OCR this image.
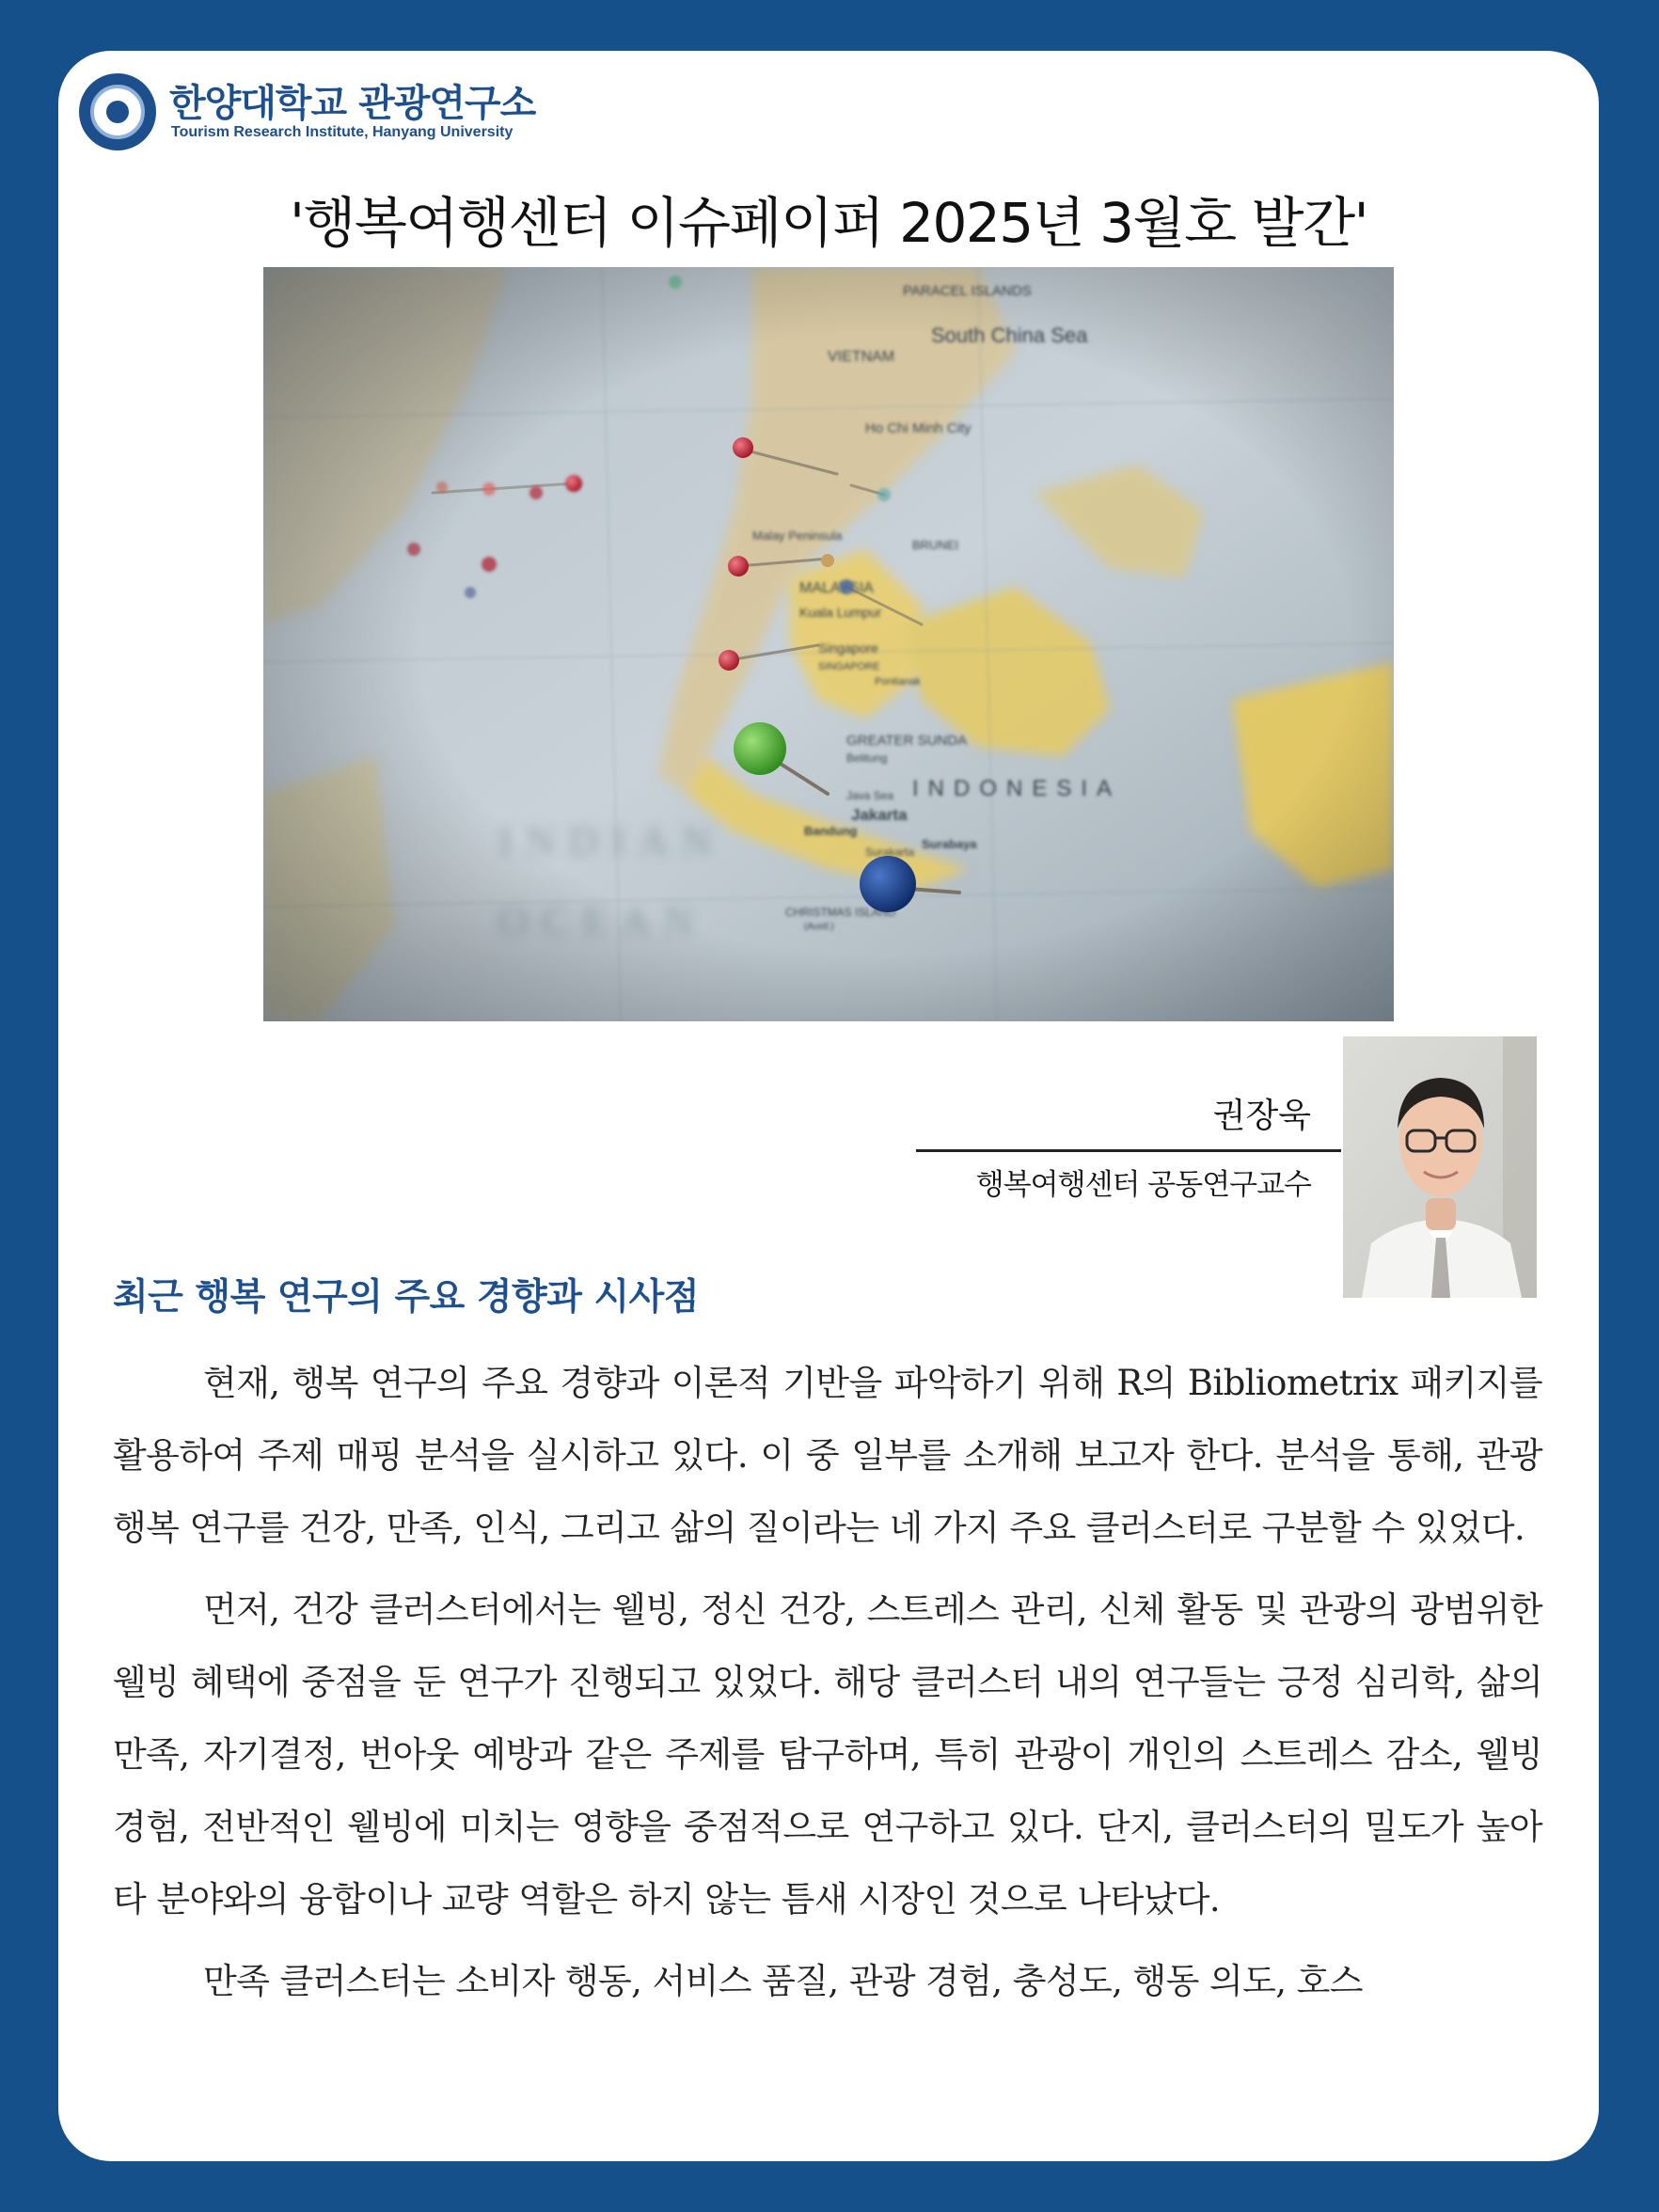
한양대학교 관광연구소
Tourism Research Institute, Hanyang University
'행복여행센터 이슈페이퍼 2025년 3월호 발간'
권장욱
행복여행센터 공동연구교수
최근 행복 연구의 주요 경향과 시사점

현재, 행복 연구의 주요 경향과 이론적 기반을 파악하기 위해 R의 Bibliometrix 패키지를 활용하여 주제 매핑 분석을 실시하고 있다. 이 중 일부를 소개해 보고자 한다. 분석을 통해, 관광 행복 연구를 건강, 만족, 인식, 그리고 삶의 질이라는 네 가지 주요 클러스터로 구분할 수 있었다.

먼저, 건강 클러스터에서는 웰빙, 정신 건강, 스트레스 관리, 신체 활동 및 관광의 광범위한 웰빙 혜택에 중점을 둔 연구가 진행되고 있었다. 해당 클러스터 내의 연구들는 긍정 심리학, 삶의 만족, 자기결정, 번아웃 예방과 같은 주제를 탐구하며, 특히 관광이 개인의 스트레스 감소, 웰빙 경험, 전반적인 웰빙에 미치는 영향을 중점적으로 연구하고 있다. 단지, 클러스터의 밀도가 높아 타 분야와의 융합이나 교량 역할은 하지 않는 틈새 시장인 것으로 나타났다.

만족 클러스터는 소비자 행동, 서비스 품질, 관광 경험, 충성도, 행동 의도, 호스
